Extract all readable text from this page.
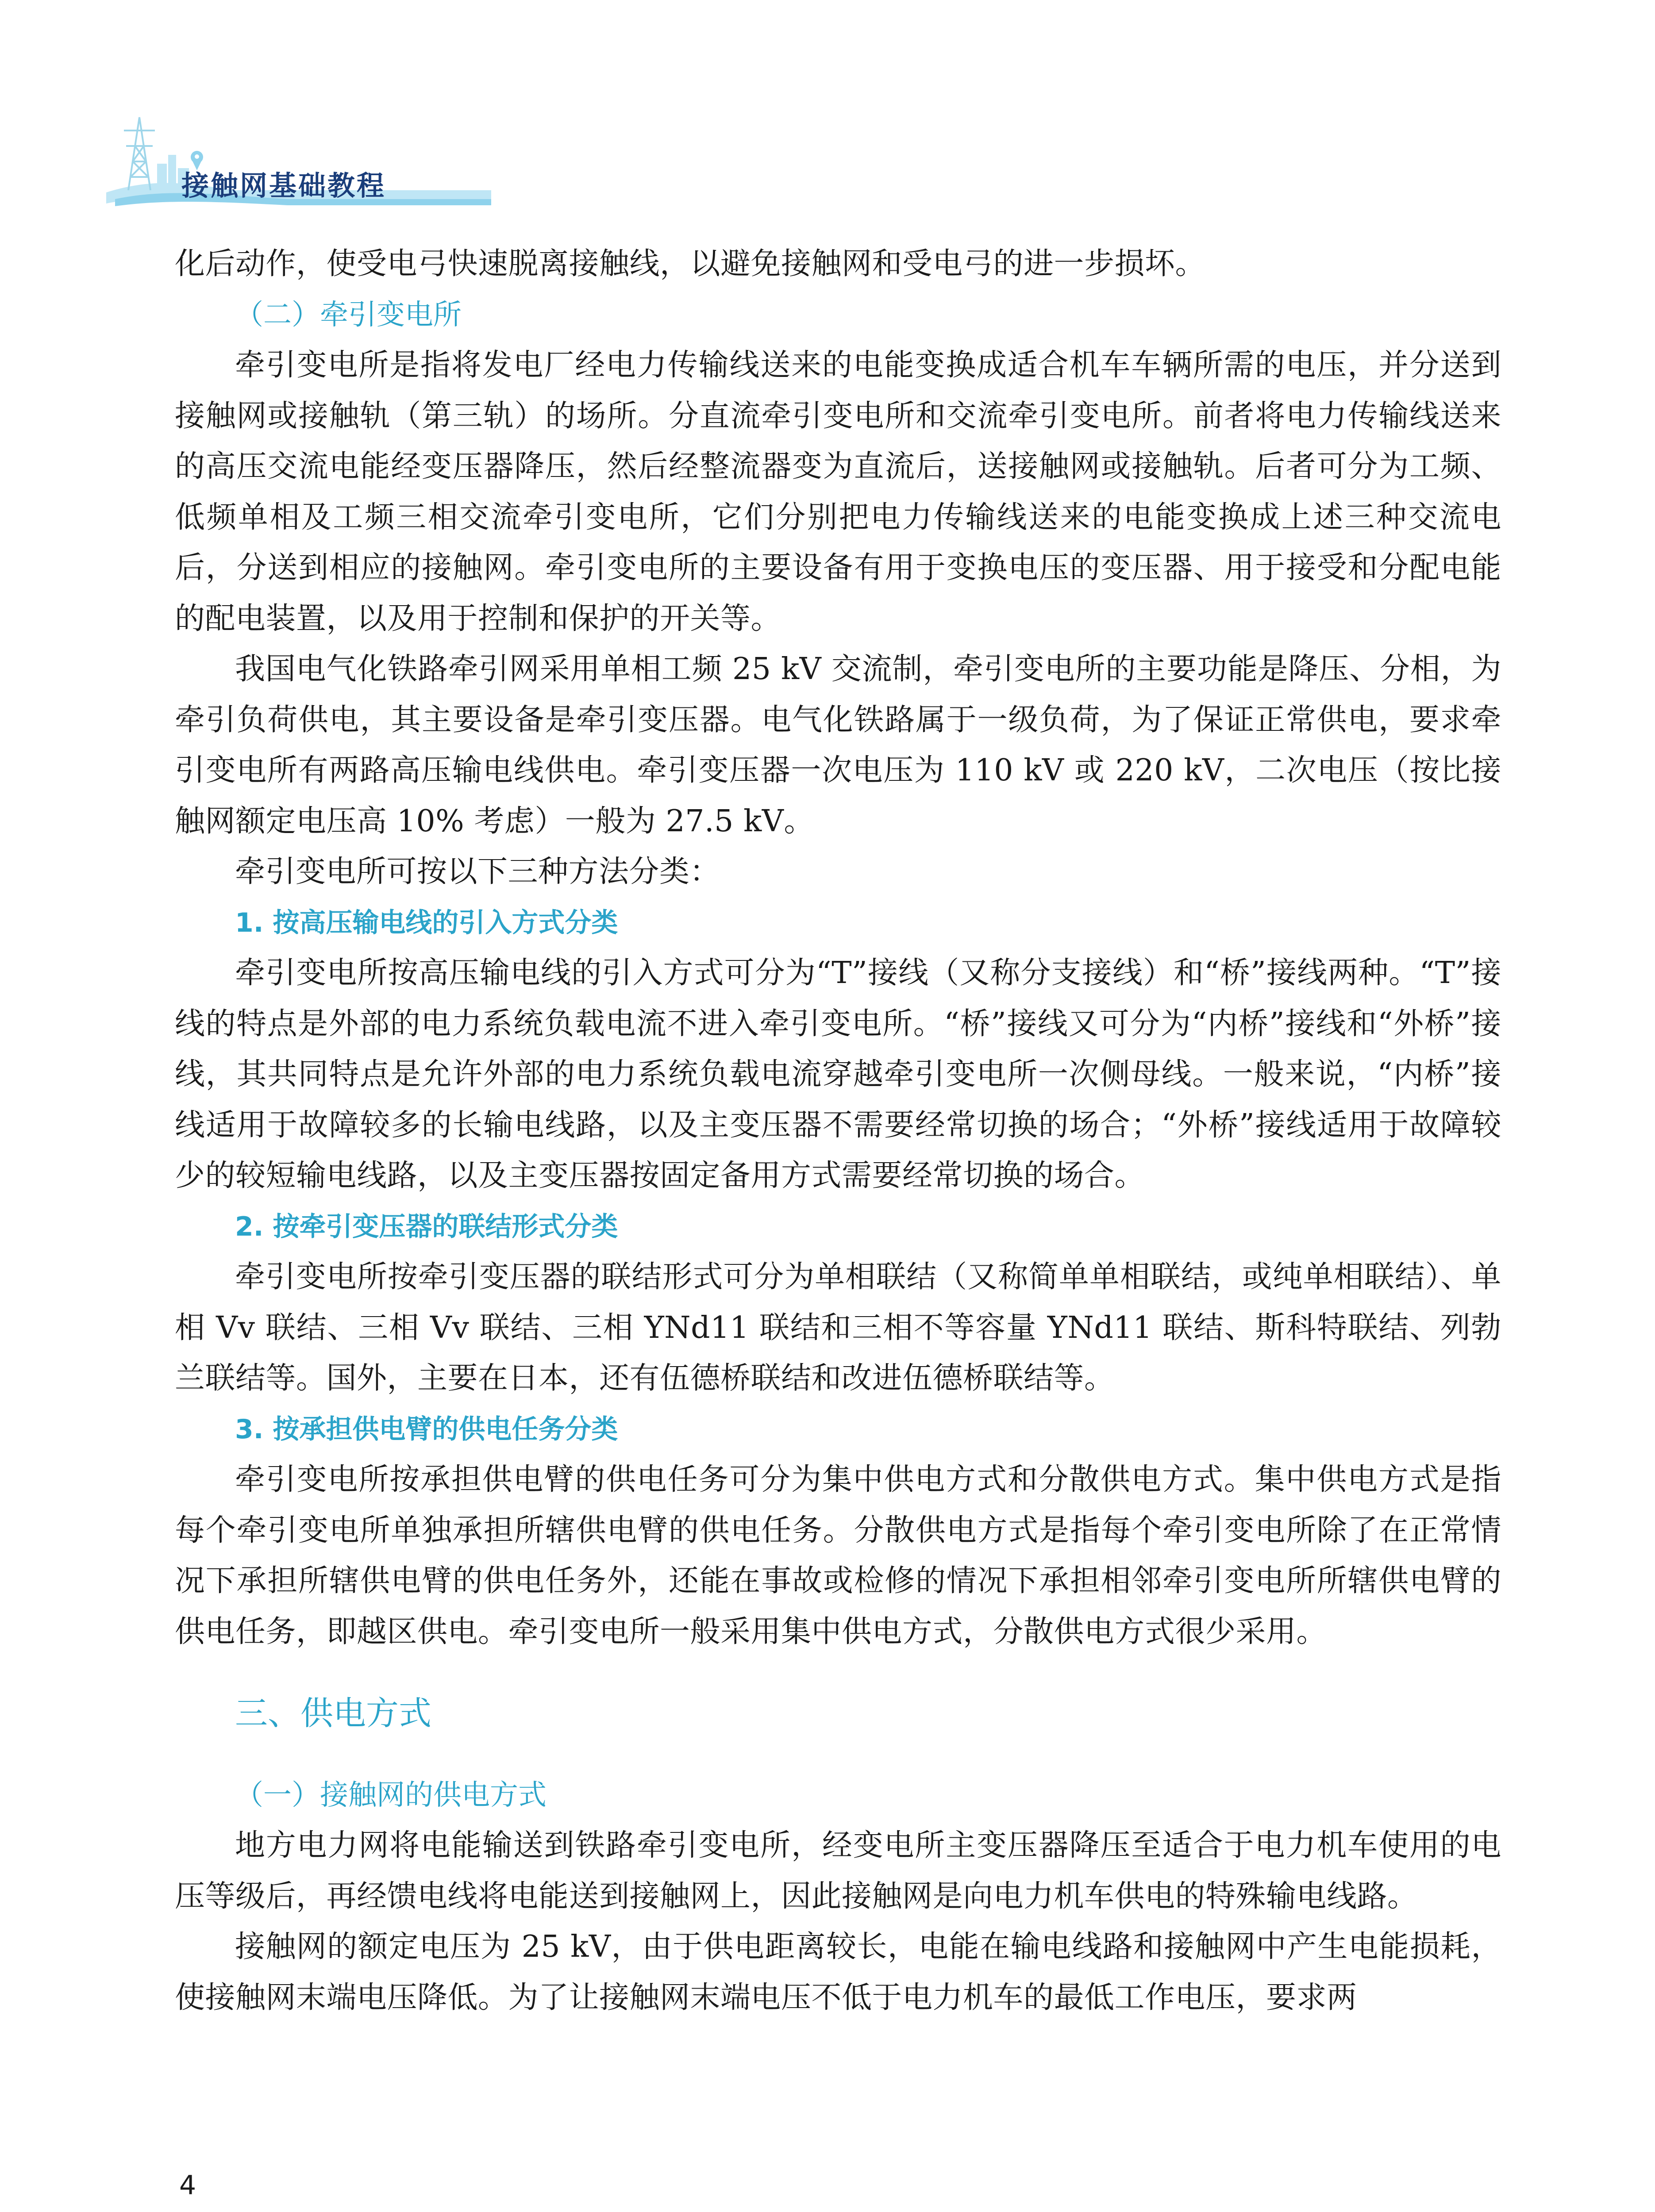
接触网基础教程

化后动作，使受电弓快速脱离接触线，以避免接触网和受电弓的进一步损坏。

（二）牵引变电所

牵引变电所是指将发电厂经电力传输线送来的电能变换成适合机车车辆所需的电压，并分送到接触网或接触轨（第三轨）的场所。分直流牵引变电所和交流牵引变电所。前者将电力传输线送来的高压交流电能经变压器降压，然后经整流器变为直流后，送接触网或接触轨。后者可分为工频、低频单相及工频三相交流牵引变电所，它们分别把电力传输线送来的电能变换成上述三种交流电后，分送到相应的接触网。牵引变电所的主要设备有用于变换电压的变压器、用于接受和分配电能的配电装置，以及用于控制和保护的开关等。

我国电气化铁路牵引网采用单相工频 25 kV 交流制，牵引变电所的主要功能是降压、分相，为牵引负荷供电，其主要设备是牵引变压器。电气化铁路属于一级负荷，为了保证正常供电，要求牵引变电所有两路高压输电线供电。牵引变压器一次电压为 110 kV 或 220 kV，二次电压（按比接触网额定电压高 10% 考虑）一般为 27.5 kV。

牵引变电所可按以下三种方法分类：

1. 按高压输电线的引入方式分类

牵引变电所按高压输电线的引入方式可分为“T”接线（又称分支接线）和“桥”接线两种。“T”接线的特点是外部的电力系统负载电流不进入牵引变电所。“桥”接线又可分为“内桥”接线和“外桥”接线，其共同特点是允许外部的电力系统负载电流穿越牵引变电所一次侧母线。一般来说，“内桥”接线适用于故障较多的长输电线路，以及主变压器不需要经常切换的场合；“外桥”接线适用于故障较少的较短输电线路，以及主变压器按固定备用方式需要经常切换的场合。

2. 按牵引变压器的联结形式分类

牵引变电所按牵引变压器的联结形式可分为单相联结（又称简单单相联结，或纯单相联结）、单相 Vv 联结、三相 Vv 联结、三相 YNd11 联结和三相不等容量 YNd11 联结、斯科特联结、列勃兰联结等。国外，主要在日本，还有伍德桥联结和改进伍德桥联结等。

3. 按承担供电臂的供电任务分类

牵引变电所按承担供电臂的供电任务可分为集中供电方式和分散供电方式。集中供电方式是指每个牵引变电所单独承担所辖供电臂的供电任务。分散供电方式是指每个牵引变电所除了在正常情况下承担所辖供电臂的供电任务外，还能在事故或检修的情况下承担相邻牵引变电所所辖供电臂的供电任务，即越区供电。牵引变电所一般采用集中供电方式，分散供电方式很少采用。

三、供电方式

（一）接触网的供电方式

地方电力网将电能输送到铁路牵引变电所，经变电所主变压器降压至适合于电力机车使用的电压等级后，再经馈电线将电能送到接触网上，因此接触网是向电力机车供电的特殊输电线路。

接触网的额定电压为 25 kV，由于供电距离较长，电能在输电线路和接触网中产生电能损耗，使接触网末端电压降低。为了让接触网末端电压不低于电力机车的最低工作电压，要求两

4
